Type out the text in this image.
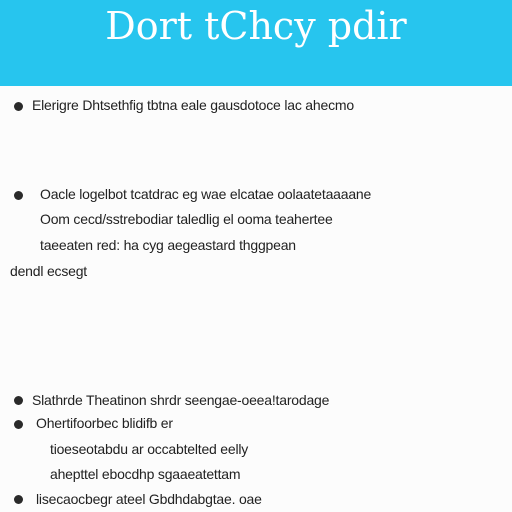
Dort tChcy pdir
Elerigre Dhtsethfig tbtna eale gausdotoce lac ahecmo
Oacle logelbot tcatdrac eg wae elcatae oolaatetaaaane
Oom cecd/sstrebodiar taledlig el ooma teahertee
taeeaten red: ha cyg aegeastard thggpean
dendl ecsegt
Slathrde Theatinon shrdr seengae-oeea!tarodage
Ohertifoorbec blidifb er
tioeseotabdu ar occabtelted eelly
ahepttel ebocdhp sgaaeatettam
lisecaocbegr ateel Gbdhdabgtae. oae
